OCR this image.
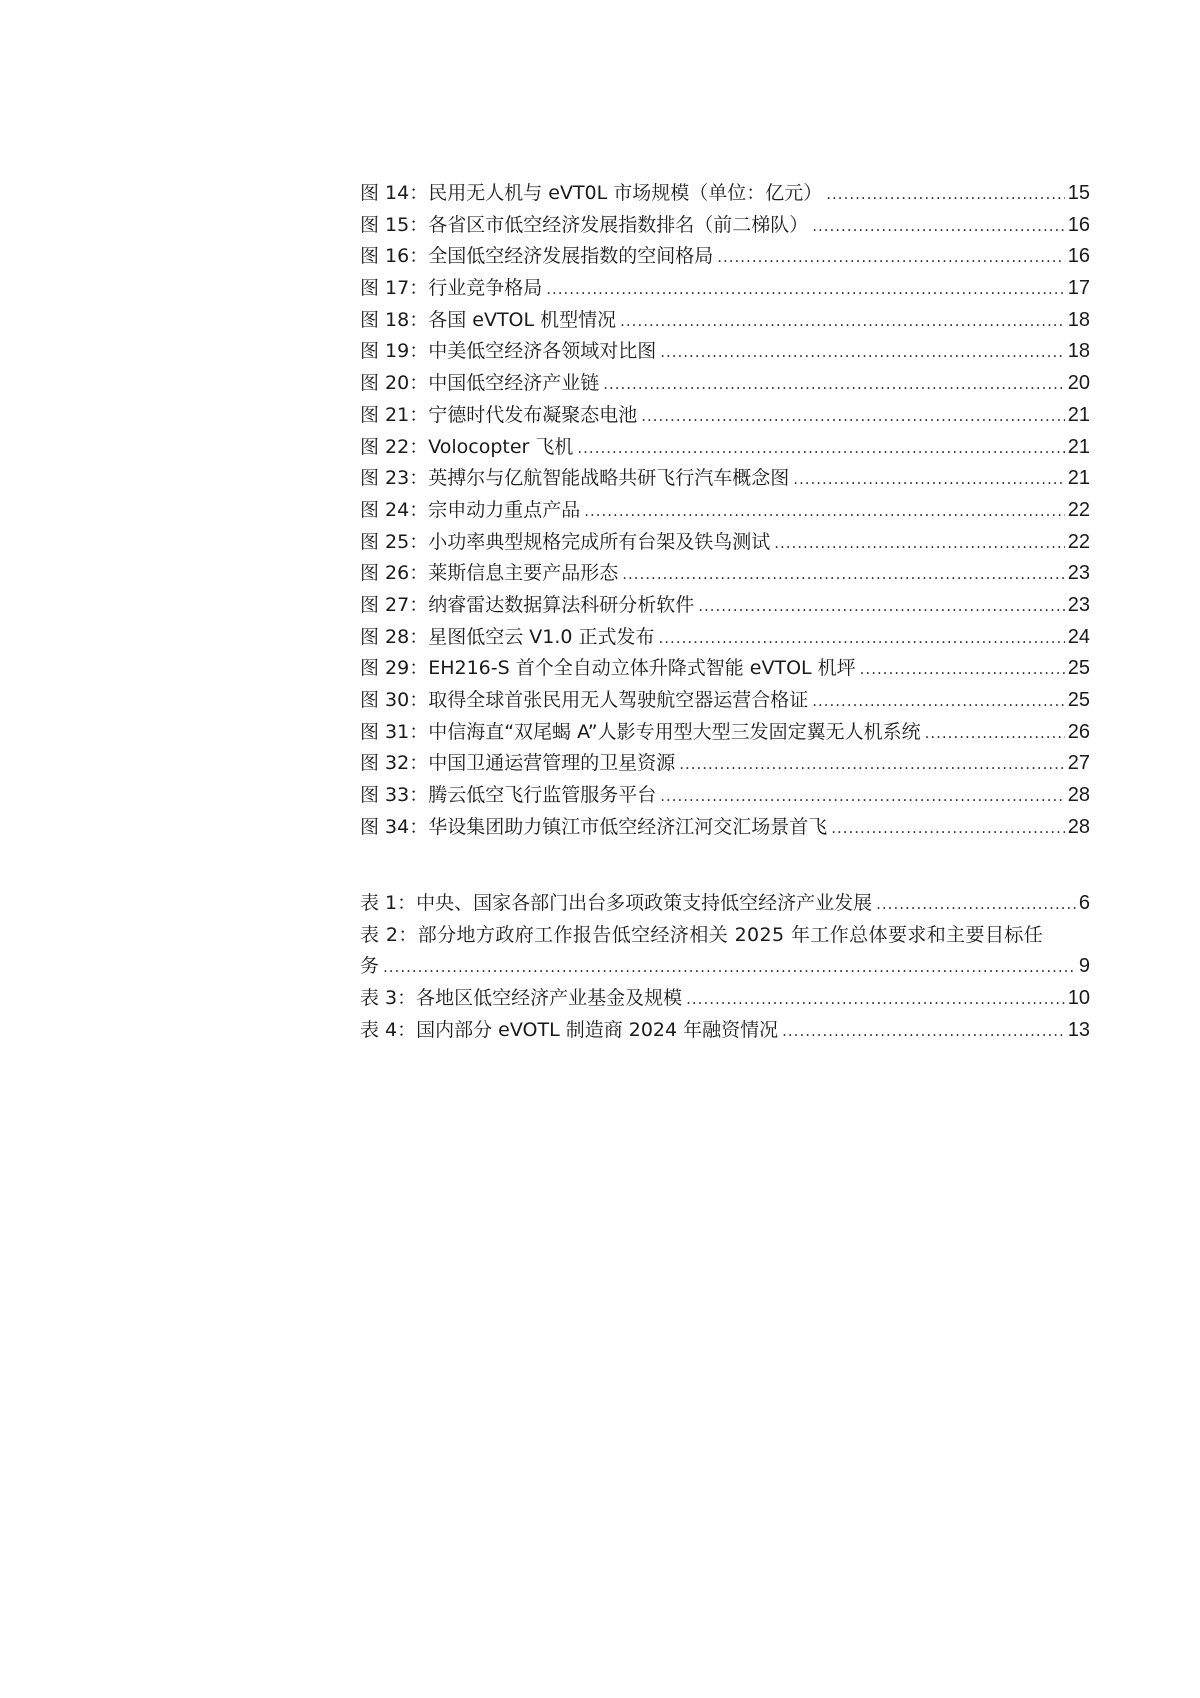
图 14：民用无人机与 eVT0L 市场规模（单位：亿元） .....	15
图 15：各省区市低空经济发展指数排名（前二梯队） .....	16
图 16：全国低空经济发展指数的空间格局 .....	16
图 17：行业竞争格局 .....	17
图 18：各国 eVTOL 机型情况 .....	18
图 19：中美低空经济各领域对比图 .....	18
图 20：中国低空经济产业链 .....	20
图 21：宁德时代发布凝聚态电池 .....	21
图 22：Volocopter 飞机 .....	21
图 23：英搏尔与亿航智能战略共研飞行汽车概念图 .....	21
图 24：宗申动力重点产品 .....	22
图 25：小功率典型规格完成所有台架及铁鸟测试 .....	22
图 26：莱斯信息主要产品形态 .....	23
图 27：纳睿雷达数据算法科研分析软件 .....	23
图 28：星图低空云 V1.0 正式发布 .....	24
图 29：EH216-S 首个全自动立体升降式智能 eVTOL 机坪 .....	25
图 30：取得全球首张民用无人驾驶航空器运营合格证 .....	25
图 31：中信海直“双尾蝎 A”人影专用型大型三发固定翼无人机系统 .....	26
图 32：中国卫通运营管理的卫星资源 .....	27
图 33：腾云低空飞行监管服务平台 .....	28
图 34：华设集团助力镇江市低空经济江河交汇场景首飞 .....	28
表 1：中央、国家各部门出台多项政策支持低空经济产业发展 .....	6
表 2：部分地方政府工作报告低空经济相关 2025 年工作总体要求和主要目标任
务 .....	9
表 3：各地区低空经济产业基金及规模 .....	10
表 4：国内部分 eVOTL 制造商 2024 年融资情况 .....	13
